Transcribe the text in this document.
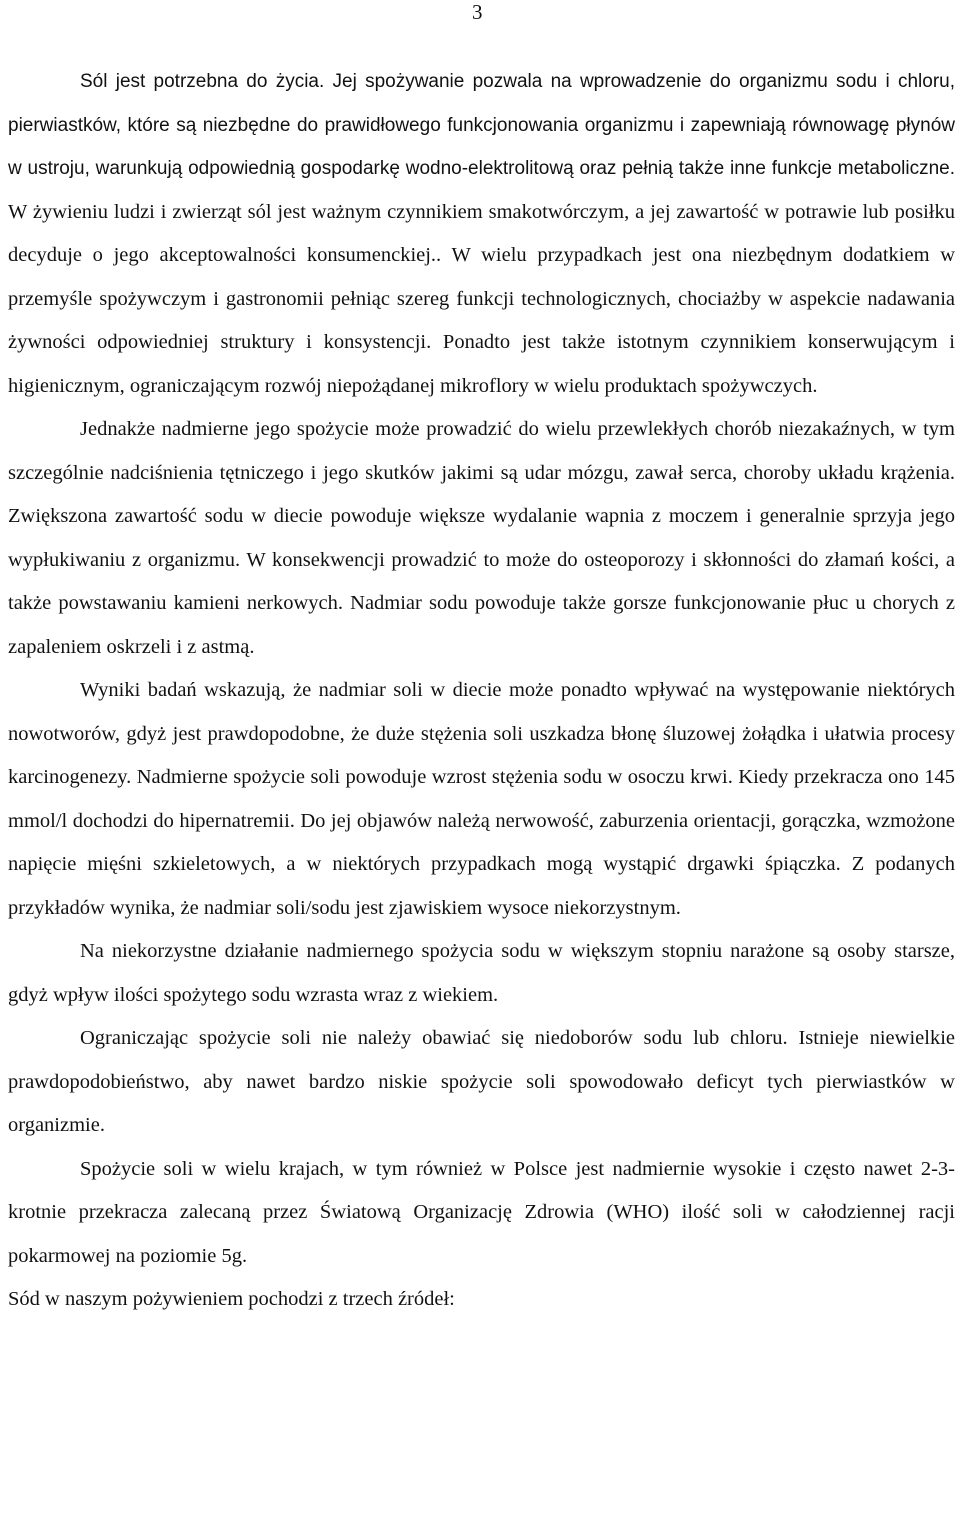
3

Sól jest potrzebna do życia. Jej spożywanie pozwala na wprowadzenie do organizmu sodu i chloru, pierwiastków, które są niezbędne do prawidłowego funkcjonowania organizmu i zapewniają równowagę płynów w ustroju, warunkują odpowiednią gospodarkę wodno-elektrolitową oraz pełnią także inne funkcje metaboliczne. W żywieniu ludzi i zwierząt sól jest ważnym czynnikiem smakotwórczym, a jej zawartość w potrawie lub posiłku decyduje o jego akceptowalności konsumenckiej.. W wielu przypadkach jest ona niezbędnym dodatkiem w przemyśle spożywczym i gastronomii pełniąc szereg funkcji technologicznych, chociażby w aspekcie nadawania żywności odpowiedniej struktury i konsystencji. Ponadto jest także istotnym czynnikiem konserwującym i higienicznym, ograniczającym rozwój niepożądanej mikroflory w wielu produktach spożywczych.

Jednakże nadmierne jego spożycie może prowadzić do wielu przewlekłych chorób niezakaźnych, w tym szczególnie nadciśnienia tętniczego i jego skutków jakimi są udar mózgu, zawał serca, choroby układu krążenia. Zwiększona zawartość sodu w diecie powoduje większe wydalanie wapnia z moczem i generalnie sprzyja jego wypłukiwaniu z organizmu. W konsekwencji prowadzić to może do osteoporozy i skłonności do złamań kości, a także powstawaniu kamieni nerkowych. Nadmiar sodu powoduje także gorsze funkcjonowanie płuc u chorych z zapaleniem oskrzeli i z astmą.

Wyniki badań wskazują, że nadmiar soli w diecie może ponadto wpływać na występowanie niektórych nowotworów, gdyż jest prawdopodobne, że duże stężenia soli uszkadza błonę śluzowej żołądka i ułatwia procesy karcinogenezy. Nadmierne spożycie soli powoduje wzrost stężenia sodu w osoczu krwi. Kiedy przekracza ono 145 mmol/l dochodzi do hipernatremii. Do jej objawów należą nerwowość, zaburzenia orientacji, gorączka, wzmożone napięcie mięśni szkieletowych, a w niektórych przypadkach mogą wystąpić drgawki śpiączka. Z podanych przykładów wynika, że nadmiar soli/sodu jest zjawiskiem wysoce niekorzystnym.

Na niekorzystne działanie nadmiernego spożycia sodu w większym stopniu narażone są osoby starsze, gdyż wpływ ilości spożytego sodu wzrasta wraz z wiekiem.

Ograniczając spożycie soli nie należy obawiać się niedoborów sodu lub chloru. Istnieje niewielkie prawdopodobieństwo, aby nawet bardzo niskie spożycie soli spowodowało deficyt tych pierwiastków w organizmie.

Spożycie soli w wielu krajach, w tym również w Polsce jest nadmiernie wysokie i często nawet 2-3-krotnie przekracza zalecaną przez Światową Organizację Zdrowia (WHO) ilość soli w całodziennej racji pokarmowej na poziomie 5g.

Sód w naszym pożywieniem pochodzi z trzech źródeł:
